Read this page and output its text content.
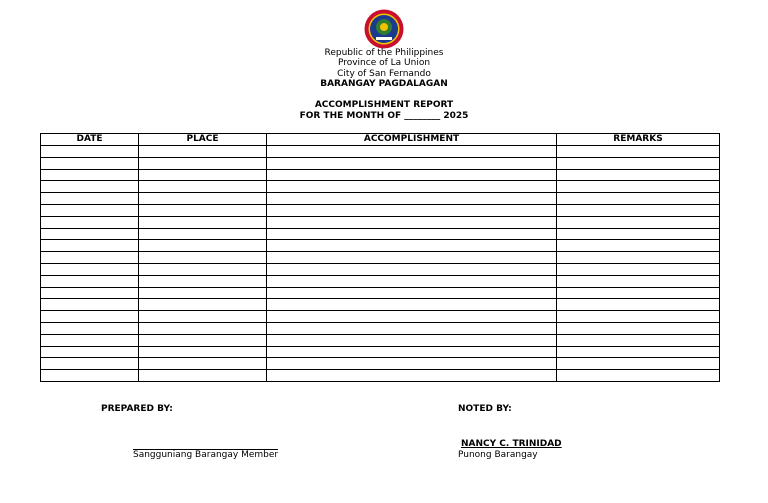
Republic of the Philippines
Province of La Union
City of San Fernando
BARANGAY PAGDALAGAN
ACCOMPLISHMENT REPORT
FOR THE MONTH OF ________ 2025
DATE	PLACE	ACCOMPLISHMENT	REMARKS

PREPARED BY:
Sangguniang Barangay Member
NOTED BY:
NANCY C. TRINIDAD
Punong Barangay
